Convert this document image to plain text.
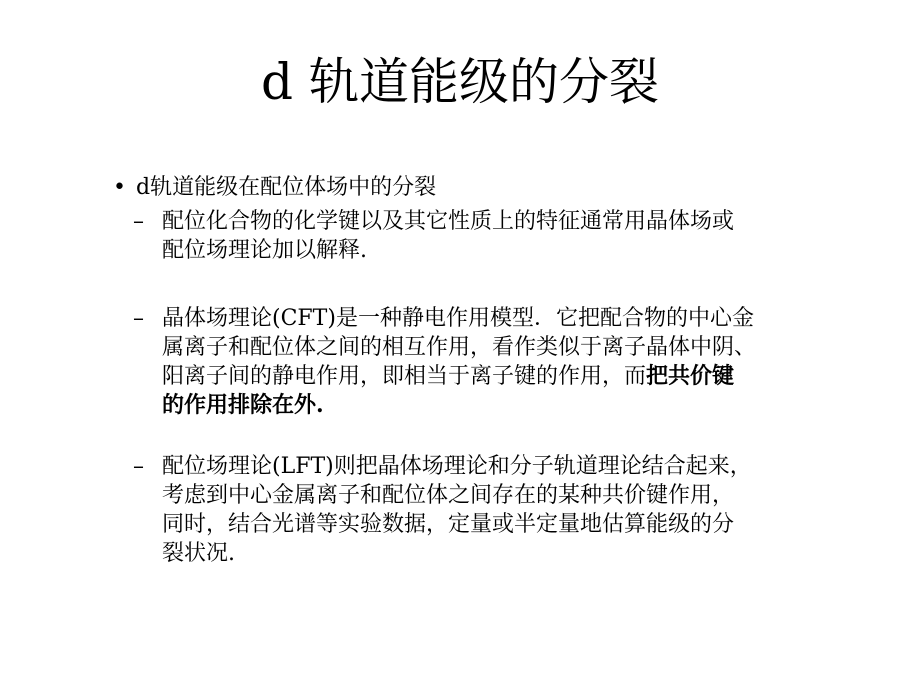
d 轨道能级的分裂
• d轨道能级在配位体场中的分裂
– 配位化合物的化学键以及其它性质上的特征通常用晶体场或
配位场理论加以解释.
– 晶体场理论(CFT)是一种静电作用模型．它把配合物的中心金
属离子和配位体之间的相互作用，看作类似于离子晶体中阴、
阳离子间的静电作用，即相当于离子键的作用，而把共价键
的作用排除在外.
– 配位场理论(LFT)则把晶体场理论和分子轨道理论结合起来，
考虑到中心金属离子和配位体之间存在的某种共价键作用，
同时，结合光谱等实验数据，定量或半定量地估算能级的分
裂状况.
